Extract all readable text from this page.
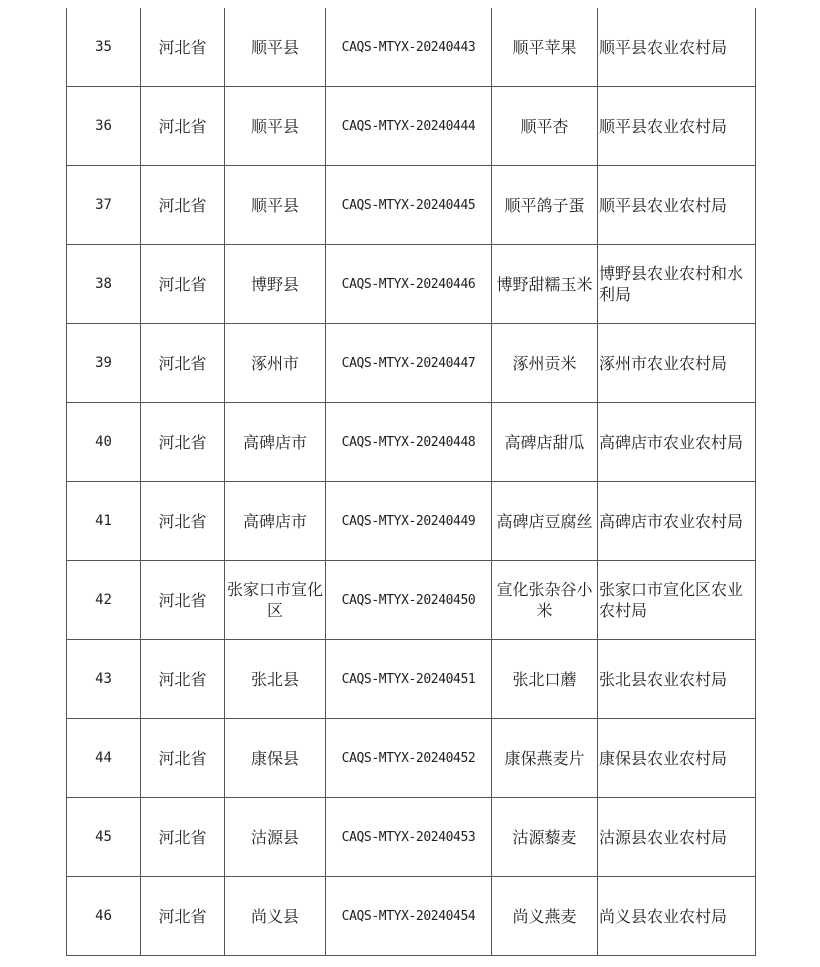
35	河北省	顺平县	CAQS-MTYX-20240443	顺平苹果	顺平县农业农村局
36	河北省	顺平县	CAQS-MTYX-20240444	顺平杏	顺平县农业农村局
37	河北省	顺平县	CAQS-MTYX-20240445	顺平鸽子蛋	顺平县农业农村局
38	河北省	博野县	CAQS-MTYX-20240446	博野甜糯玉米	博野县农业农村和水利局
39	河北省	涿州市	CAQS-MTYX-20240447	涿州贡米	涿州市农业农村局
40	河北省	高碑店市	CAQS-MTYX-20240448	高碑店甜瓜	高碑店市农业农村局
41	河北省	高碑店市	CAQS-MTYX-20240449	高碑店豆腐丝	高碑店市农业农村局
42	河北省	张家口市宣化区	CAQS-MTYX-20240450	宣化张杂谷小米	张家口市宣化区农业农村局
43	河北省	张北县	CAQS-MTYX-20240451	张北口蘑	张北县农业农村局
44	河北省	康保县	CAQS-MTYX-20240452	康保燕麦片	康保县农业农村局
45	河北省	沽源县	CAQS-MTYX-20240453	沽源藜麦	沽源县农业农村局
46	河北省	尚义县	CAQS-MTYX-20240454	尚义燕麦	尚义县农业农村局
